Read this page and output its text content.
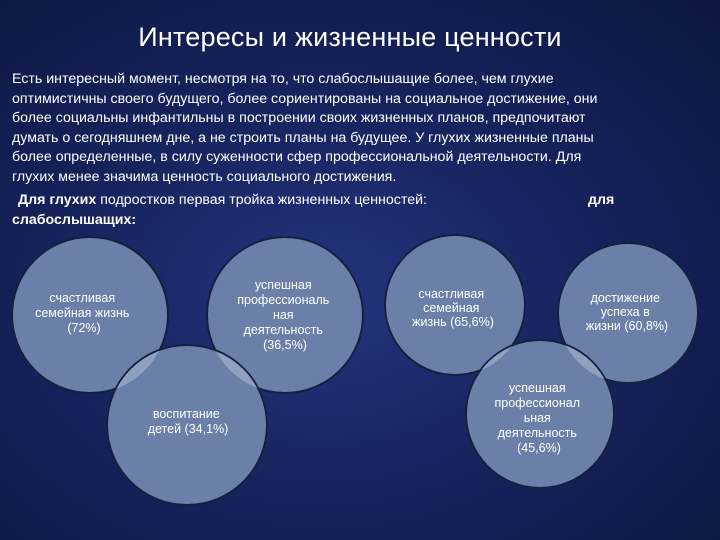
Интересы и жизненные ценности
Есть интересный момент, несмотря на то, что слабослышащие более, чем глухие
оптимистичны своего будущего, более сориентированы на социальное достижение, они
более социальны инфантильны в построении своих жизненных планов, предпочитают
думать о сегодняшнем дне, а не строить планы на будущее. У глухих жизненные планы
более определенные, в силу суженности сфер профессиональной деятельности. Для
глухих менее значима ценность социального достижения.
Для глухих подростков первая тройка жизненных ценностей:	для
слабослышащих:
счастливая семейная жизнь (72%)
успешная профессиональ ная деятельность (36,5%)
воспитание детей (34,1%)
счастливая семейная жизнь (65,6%)
достижение успеха в жизни (60,8%)
успешная профессионал ьная деятельность (45,6%)
